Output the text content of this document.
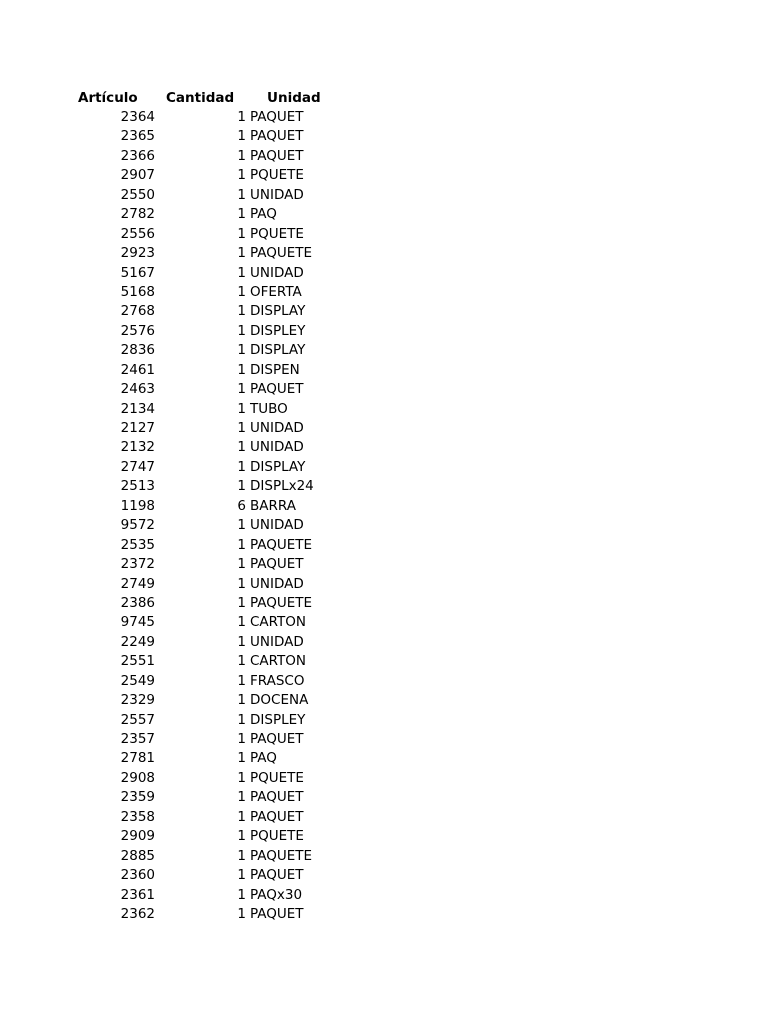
Artículo Cantidad Unidad
2364	1 PAQUET
2365	1 PAQUET
2366	1 PAQUET
2907	1 PQUETE
2550	1 UNIDAD
2782	1 PAQ
2556	1 PQUETE
2923	1 PAQUETE
5167	1 UNIDAD
5168	1 OFERTA
2768	1 DISPLAY
2576	1 DISPLEY
2836	1 DISPLAY
2461	1 DISPEN
2463	1 PAQUET
2134	1 TUBO
2127	1 UNIDAD
2132	1 UNIDAD
2747	1 DISPLAY
2513	1 DISPLx24
1198	6 BARRA
9572	1 UNIDAD
2535	1 PAQUETE
2372	1 PAQUET
2749	1 UNIDAD
2386	1 PAQUETE
9745	1 CARTON
2249	1 UNIDAD
2551	1 CARTON
2549	1 FRASCO
2329	1 DOCENA
2557	1 DISPLEY
2357	1 PAQUET
2781	1 PAQ
2908	1 PQUETE
2359	1 PAQUET
2358	1 PAQUET
2909	1 PQUETE
2885	1 PAQUETE
2360	1 PAQUET
2361	1 PAQx30
2362	1 PAQUET
